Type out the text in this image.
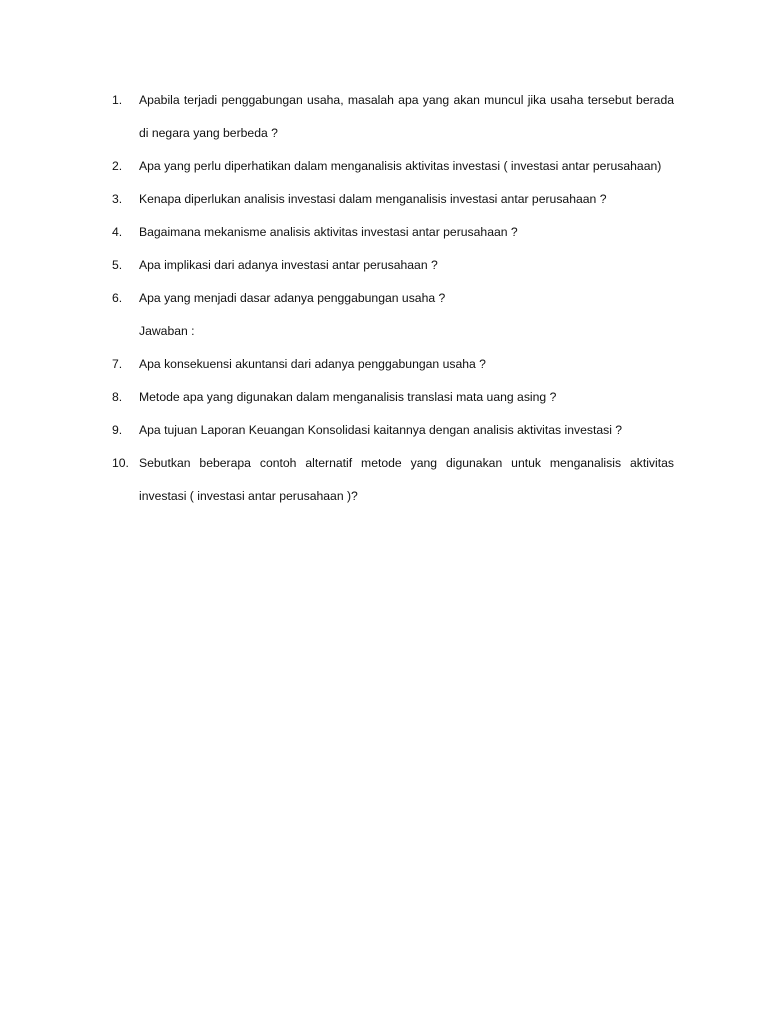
1.	Apabila terjadi penggabungan usaha, masalah apa yang akan muncul jika usaha tersebut berada di negara yang berbeda ?
2.	Apa yang perlu diperhatikan dalam menganalisis aktivitas investasi ( investasi antar perusahaan)
3.	Kenapa diperlukan analisis investasi dalam menganalisis investasi antar perusahaan ?
4.	Bagaimana mekanisme analisis aktivitas investasi antar perusahaan ?
5.	Apa implikasi dari adanya investasi antar perusahaan ?
6.	Apa yang menjadi dasar adanya penggabungan usaha ?
Jawaban :
7.	Apa konsekuensi akuntansi dari adanya penggabungan usaha ?
8.	Metode apa yang digunakan dalam menganalisis translasi mata uang asing ?
9.	Apa tujuan Laporan Keuangan Konsolidasi kaitannya dengan analisis aktivitas investasi ?
10. Sebutkan beberapa contoh alternatif metode yang digunakan untuk menganalisis aktivitas investasi ( investasi antar perusahaan )?
